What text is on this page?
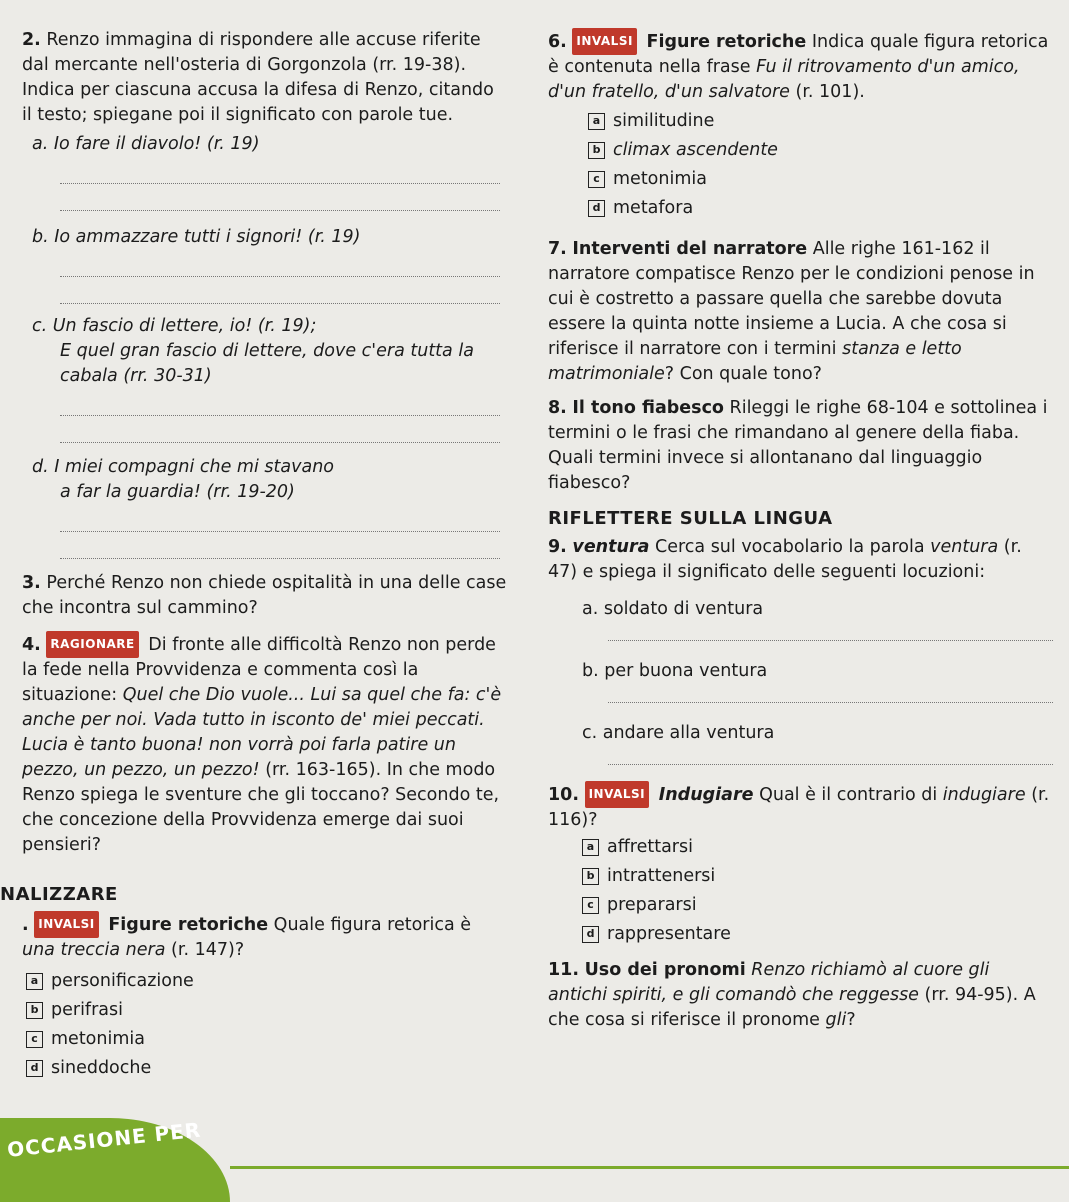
2. Renzo immagina di rispondere alle accuse riferite dal mercante nell'osteria di Gorgonzola (rr. 19-38). Indica per ciascuna accusa la difesa di Renzo, citando il testo; spiegane poi il significato con parole tue.

a. Io fare il diavolo! (r. 19)

b. Io ammazzare tutti i signori! (r. 19)

c. Un fascio di lettere, io! (r. 19);

E quel gran fascio di lettere, dove c'era tutta la cabala (rr. 30-31)

d. I miei compagni che mi stavano

a far la guardia! (rr. 19-20)

3. Perché Renzo non chiede ospitalità in una delle case che incontra sul cammino?

4. RAGIONARE Di fronte alle difficoltà Renzo non perde la fede nella Provvidenza e commenta così la situazione: Quel che Dio vuole... Lui sa quel che fa: c'è anche per noi. Vada tutto in isconto de' miei peccati. Lucia è tanto buona! non vorrà poi farla patire un pezzo, un pezzo, un pezzo! (rr. 163-165). In che modo Renzo spiega le sventure che gli toccano? Secondo te, che concezione della Provvidenza emerge dai suoi pensieri?

NALIZZARE

. INVALSI Figure retoriche Quale figura retorica è una treccia nera (r. 147)?

a personificazione
b perifrasi
c metonimia
d sineddoche

6. INVALSI Figure retoriche Indica quale figura retorica è contenuta nella frase Fu il ritrovamento d'un amico, d'un fratello, d'un salvatore (r. 101).

a similitudine
b climax ascendente
c metonimia
d metafora

7. Interventi del narratore Alle righe 161-162 il narratore compatisce Renzo per le condizioni penose in cui è costretto a passare quella che sarebbe dovuta essere la quinta notte insieme a Lucia. A che cosa si riferisce il narratore con i termini stanza e letto matrimoniale? Con quale tono?

8. Il tono fiabesco Rileggi le righe 68-104 e sottolinea i termini o le frasi che rimandano al genere della fiaba. Quali termini invece si allontanano dal linguaggio fiabesco?

RIFLETTERE SULLA LINGUA

9. ventura Cerca sul vocabolario la parola ventura (r. 47) e spiega il significato delle seguenti locuzioni:

a. soldato di ventura
b. per buona ventura
c. andare alla ventura

10. INVALSI Indugiare Qual è il contrario di indugiare (r. 116)?

a affrettarsi
b intrattenersi
c prepararsi
d rappresentare

11. Uso dei pronomi Renzo richiamò al cuore gli antichi spiriti, e gli comandò che reggesse (rr. 94-95). A che cosa si riferisce il pronome gli?

OCCASIONE PER
